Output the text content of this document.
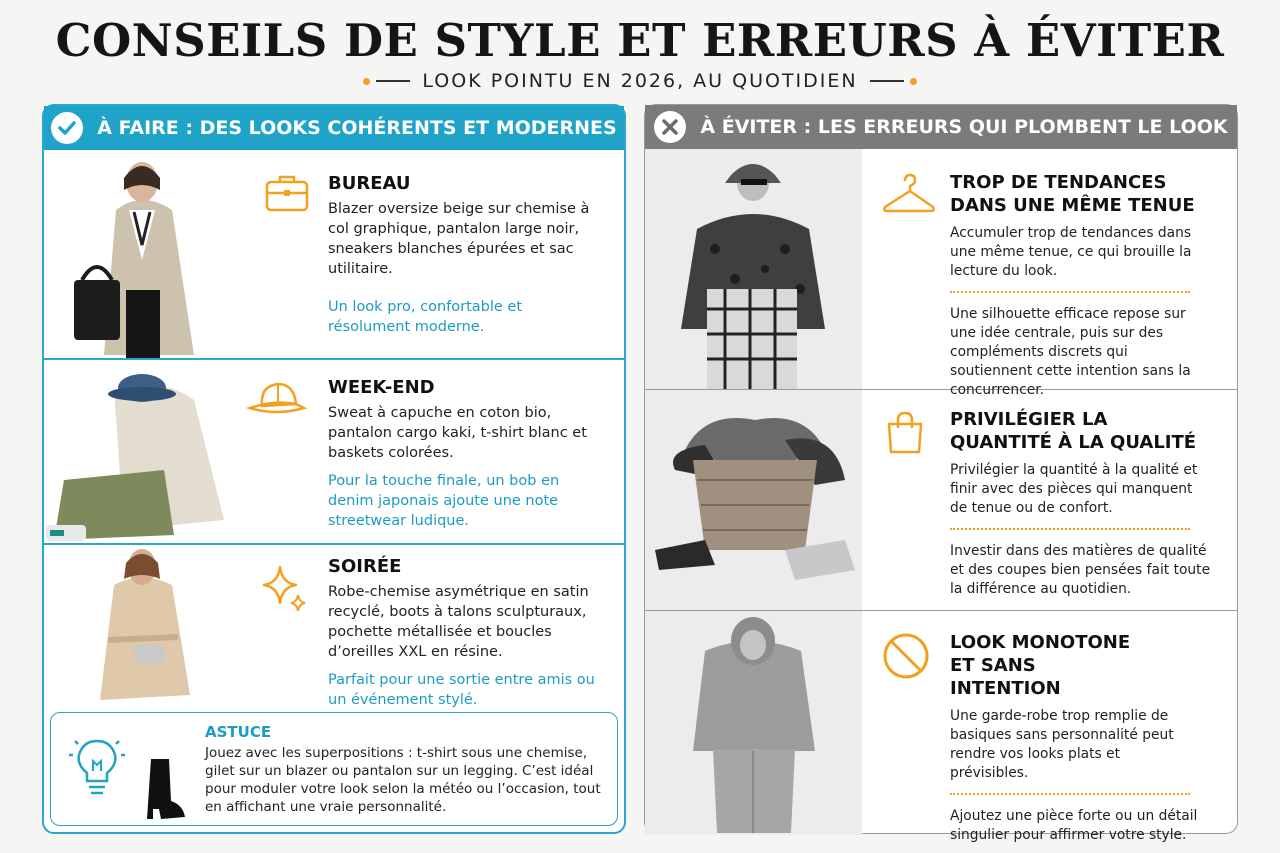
CONSEILS DE STYLE ET ERREURS À ÉVITER
LOOK POINTU EN 2026, AU QUOTIDIEN
À FAIRE : DES LOOKS COHÉRENTS ET MODERNES
BUREAU

Blazer oversize beige sur chemise à col graphique, pantalon large noir, sneakers blanches épurées et sac utilitaire.

Un look pro, confortable et résolument moderne.

WEEK-END

Sweat à capuche en coton bio, pantalon cargo kaki, t-shirt blanc et baskets colorées.

Pour la touche finale, un bob en denim japonais ajoute une note streetwear ludique.

SOIRÉE

Robe-chemise asymétrique en satin recyclé, boots à talons sculpturaux, pochette métallisée et boucles d’oreilles XXL en résine.

Parfait pour une sortie entre amis ou un événement stylé.

ASTUCE

Jouez avec les superpositions : t-shirt sous une chemise, gilet sur un blazer ou pantalon sur un legging. C’est idéal pour moduler votre look selon la météo ou l’occasion, tout en affichant une vraie personnalité.

À ÉVITER : LES ERREURS QUI PLOMBENT LE LOOK
TROP DE TENDANCES DANS UNE MÊME TENUE

Accumuler trop de tendances dans une même tenue, ce qui brouille la lecture du look.

Une silhouette efficace repose sur une idée centrale, puis sur des compléments discrets qui soutiennent cette intention sans la concurrencer.

PRIVILÉGIER LA QUANTITÉ À LA QUALITÉ

Privilégier la quantité à la qualité et finir avec des pièces qui manquent de tenue ou de confort.

Investir dans des matières de qualité et des coupes bien pensées fait toute la différence au quotidien.

LOOK MONOTONE ET SANS INTENTION

Une garde-robe trop remplie de basiques sans personnalité peut rendre vos looks plats et prévisibles.

Ajoutez une pièce forte ou un détail singulier pour affirmer votre style.
